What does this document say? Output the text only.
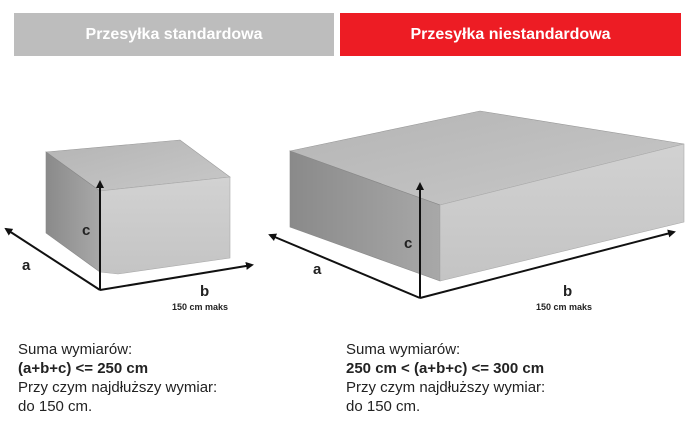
Przesyłka standardowa	Przesyłka niestandardowa
a
c
b
150 cm maks
a
c
b
150 cm maks
Suma wymiarów:
(a+b+c) <= 250 cm
Przy czym najdłuższy wymiar:
do 150 cm.
Suma wymiarów:
250 cm < (a+b+c) <= 300 cm
Przy czym najdłuższy wymiar:
do 150 cm.
